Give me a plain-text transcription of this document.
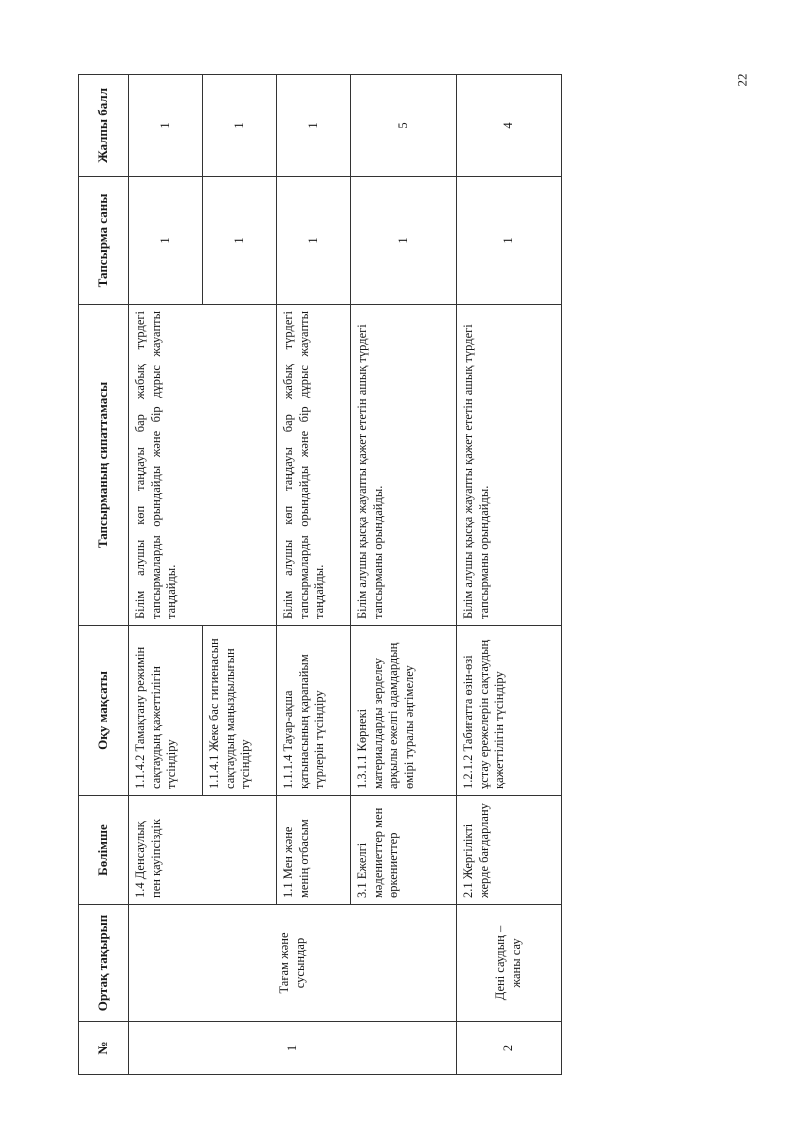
22
№	Ортақ тақырып	Бөлімше	Оқу мақсаты	Тапсырманың сипаттамасы	Тапсырма саны	Жалпы балл
1	Тағам және сусындар	1.4 Денсаулық пен қауіпсіздік	1.1.4.2 Тамақтану режимін сақтаудың қажеттілігін түсіндіру	Білім алушы көп таңдауы бар жабық түрдегі тапсырмаларды орындайды және бір дұрыс жауапты таңдайды.	1	1
			1.1.4.1 Жеке бас гигиенасын сақтаудың маңыздылығын түсіндіру		1	1
		1.1 Мен және менің отбасым	1.1.1.4 Тауар-ақша қатынасының қарапайым түрлерін түсіндіру	Білім алушы көп таңдауы бар жабық түрдегі тапсырмаларды орындайды және бір дұрыс жауапты таңдайды.	1	1
		3.1 Ежелгі мәдениеттер мен өркениеттер	1.3.1.1 Көрнекі материалдарды зерделеу арқылы ежелгі адамдардың өмірі туралы әңгімелеу	Білім алушы қысқа жауапты қажет ететін ашық түрдегі тапсырманы орындайды.	1	5
2	Дені саудың – жаны сау	2.1 Жергілікті жерде бағдарлану	1.2.1.2 Табиғатта өзін-өзі ұстау ережелерін сақтаудың қажеттілігін түсіндіру	Білім алушы қысқа жауапты қажет ететін ашық түрдегі тапсырманы орындайды.	1	4
